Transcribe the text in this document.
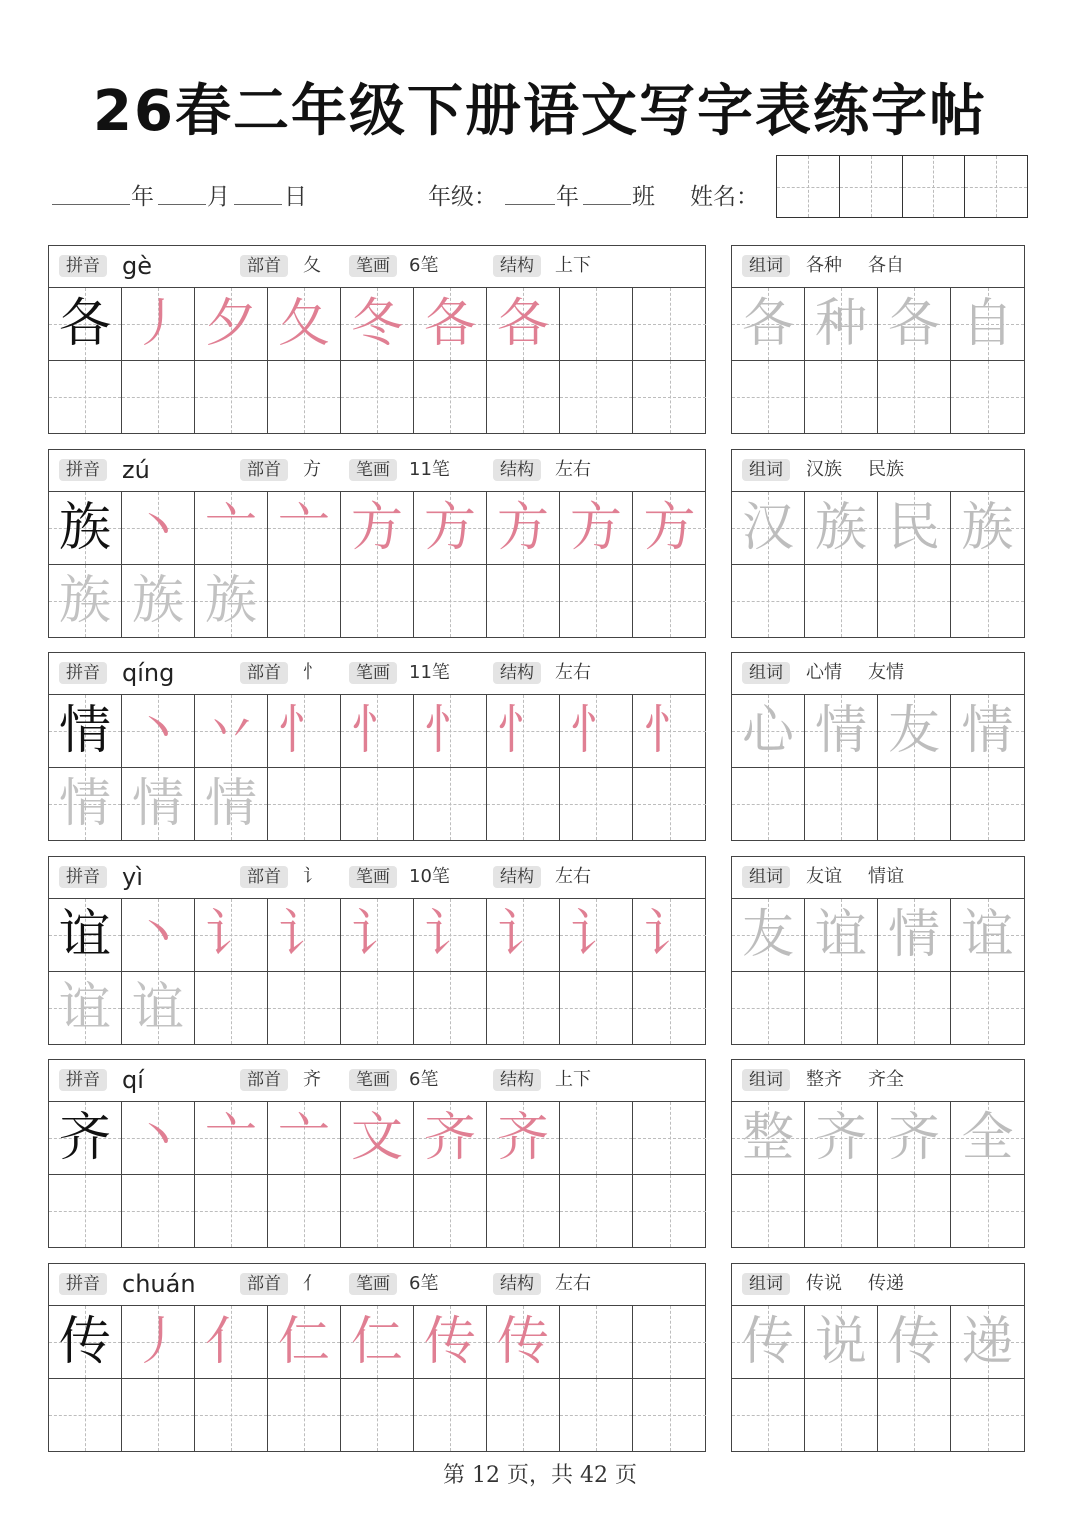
26春二年级下册语文写字表练字帖
年 月 日	年级：	年 班 姓名：
拼音 gè	部首	夂	笔画	6笔	结构	上下
各 丿 夕 夂 冬 各 各
组词	各种 各自
各 种 各 自
拼音 zú	部首	方	笔画	11笔	结构	左右
族 丶 亠 亠 方 方 方 方 方
族 族 族
组词	汉族 民族
汉 族 民 族
拼音 qíng	部首	忄	笔画	11笔	结构	左右
情 丶 丷 忄 忄 忄 忄 忄 忄
情 情 情
组词	心情 友情
心 情 友 情
拼音 yì	部首	讠	笔画	10笔	结构	左右
谊 丶 讠 讠 讠 讠 讠 讠 讠
谊 谊
组词	友谊 情谊
友 谊 情 谊
拼音 qí	部首	齐	笔画	6笔	结构	上下
齐 丶 亠 亠 文 齐 齐
组词	整齐 齐全
整 齐 齐 全
拼音 chuán	部首	亻	笔画	6笔	结构	左右
传 丿 亻 仁 仁 传 传
组词	传说 传递
传 说 传 递
第 12 页，共 42 页
